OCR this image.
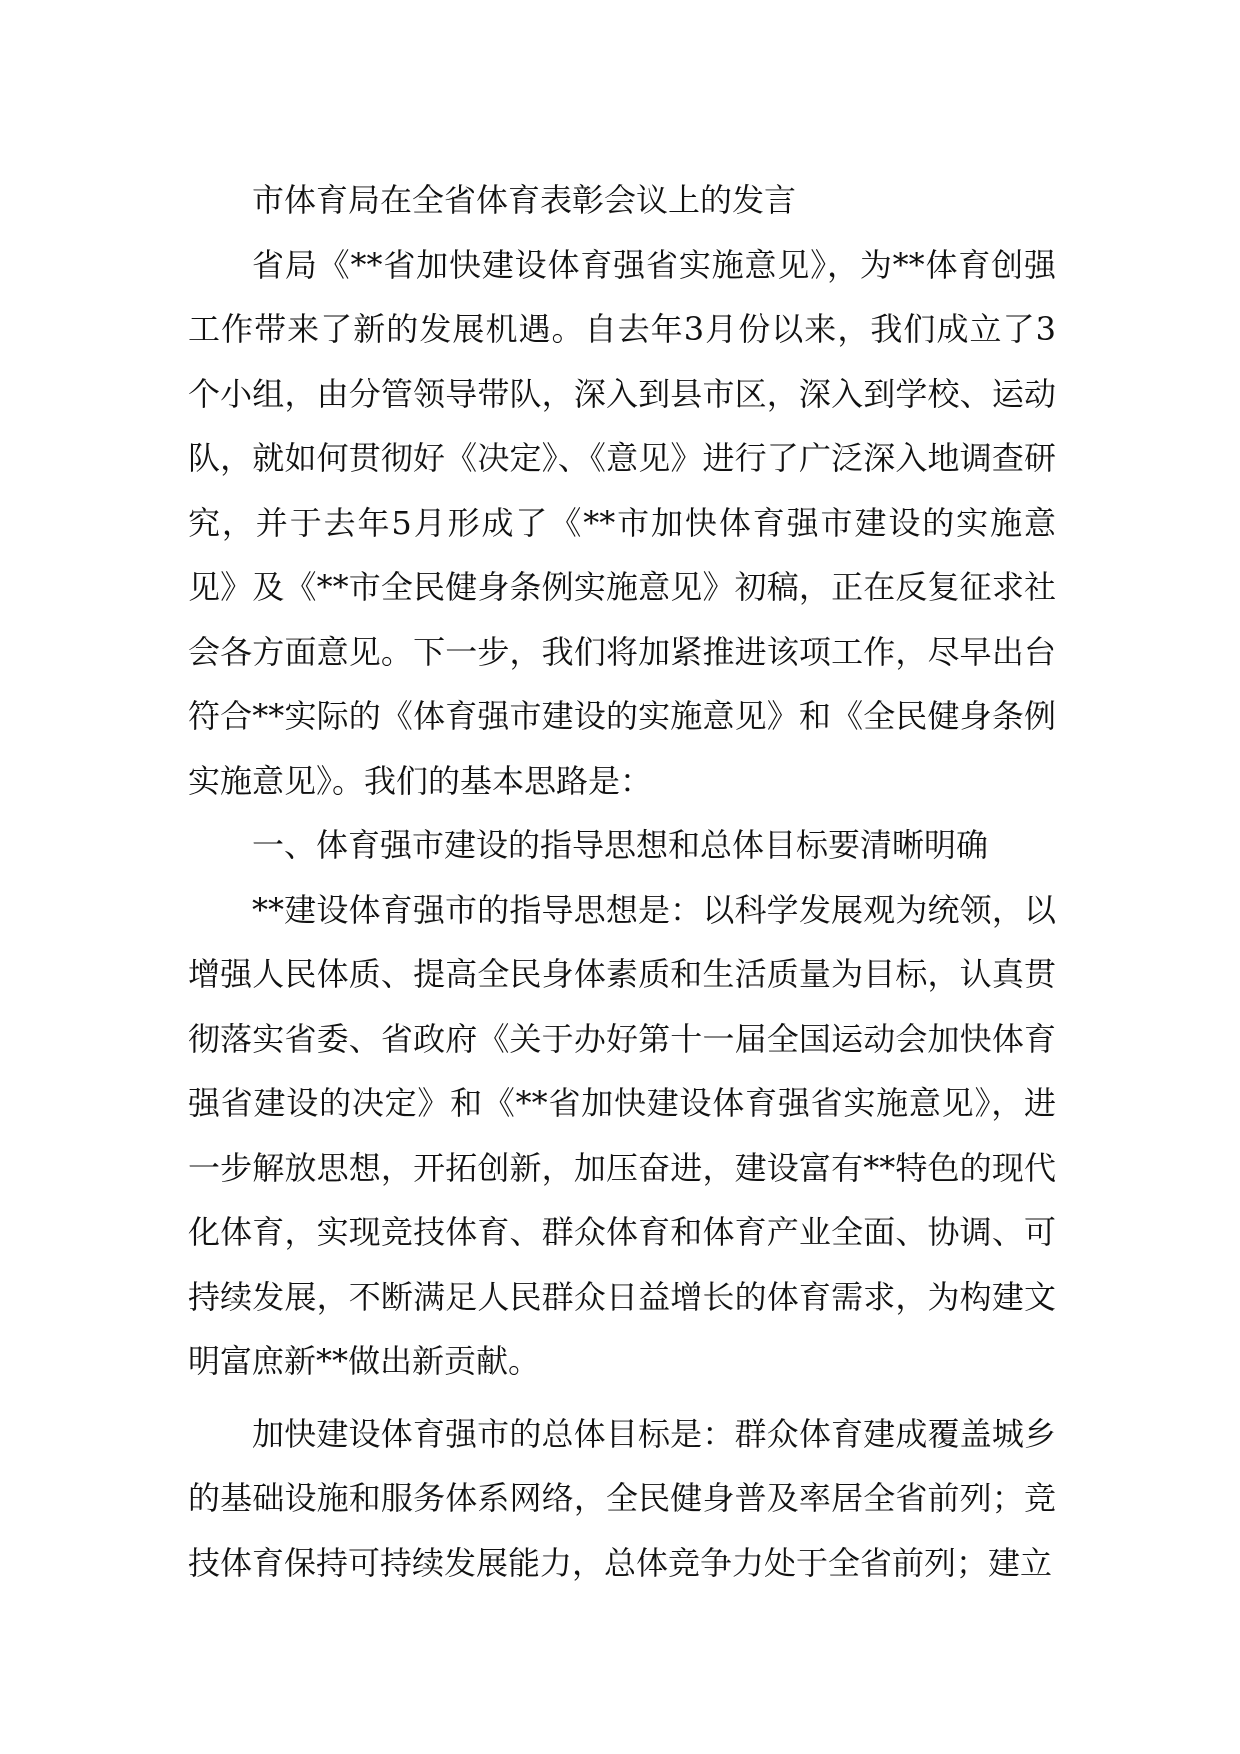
市体育局在全省体育表彰会议上的发言

省局《**省加快建设体育强省实施意见》，为**体育创强工作带来了新的发展机遇。自去年3月份以来，我们成立了3个小组，由分管领导带队，深入到县市区，深入到学校、运动队，就如何贯彻好《决定》、《意见》进行了广泛深入地调查研究，并于去年5月形成了《**市加快体育强市建设的实施意见》及《**市全民健身条例实施意见》初稿，正在反复征求社会各方面意见。下一步，我们将加紧推进该项工作，尽早出台符合**实际的《体育强市建设的实施意见》和《全民健身条例实施意见》。我们的基本思路是：

一、体育强市建设的指导思想和总体目标要清晰明确

**建设体育强市的指导思想是：以科学发展观为统领，以增强人民体质、提高全民身体素质和生活质量为目标，认真贯彻落实省委、省政府《关于办好第十一届全国运动会加快体育强省建设的决定》和《**省加快建设体育强省实施意见》，进一步解放思想，开拓创新，加压奋进，建设富有**特色的现代化体育，实现竞技体育、群众体育和体育产业全面、协调、可持续发展，不断满足人民群众日益增长的体育需求，为构建文明富庶新**做出新贡献。

加快建设体育强市的总体目标是：群众体育建成覆盖城乡的基础设施和服务体系网络，全民健身普及率居全省前列；竞技体育保持可持续发展能力，总体竞争力处于全省前列；建立
